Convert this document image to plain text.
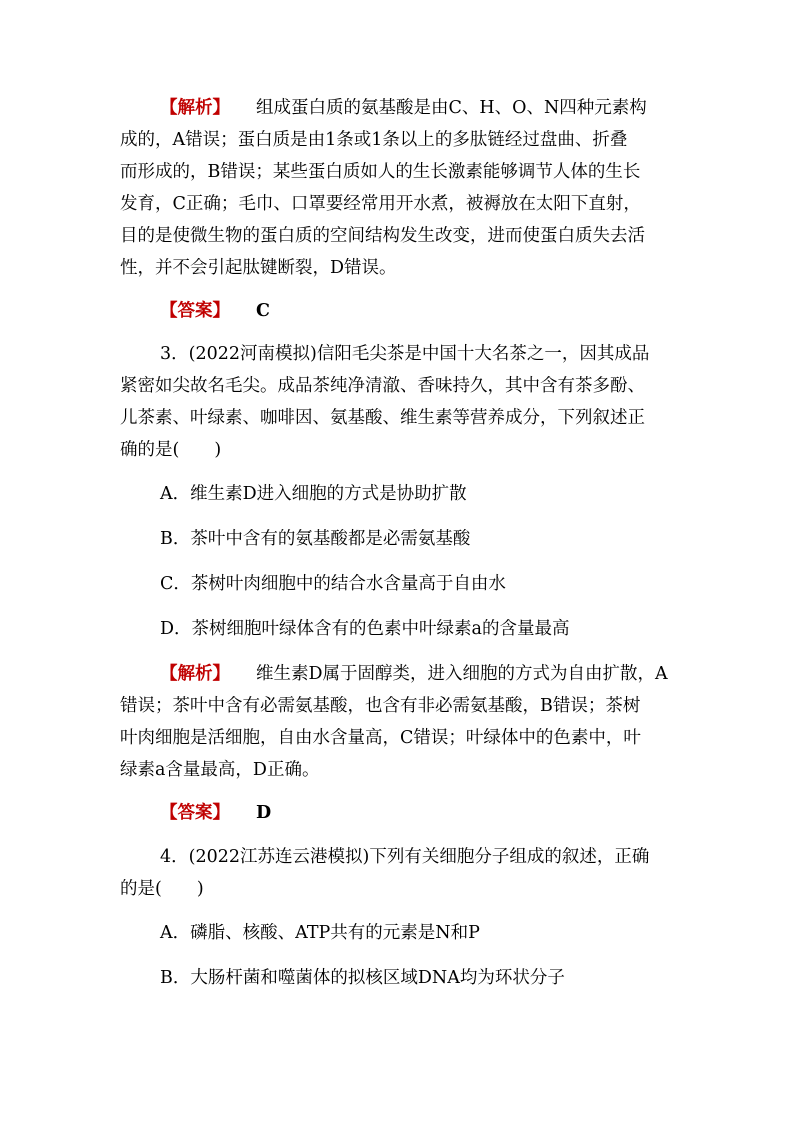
【解析】 组成蛋白质的氨基酸是由C、H、O、N四种元素构
成的，A错误；蛋白质是由1条或1条以上的多肽链经过盘曲、折叠
而形成的，B错误；某些蛋白质如人的生长激素能够调节人体的生长
发育，C正确；毛巾、口罩要经常用开水煮，被褥放在太阳下直射，
目的是使微生物的蛋白质的空间结构发生改变，进而使蛋白质失去活
性，并不会引起肽键断裂，D错误。
【答案】 C
3．(2022河南模拟)信阳毛尖茶是中国十大名茶之一，因其成品
紧密如尖故名毛尖。成品茶纯净清澈、香味持久，其中含有茶多酚、
儿茶素、叶绿素、咖啡因、氨基酸、维生素等营养成分，下列叙述正
确的是(　　)
A．维生素D进入细胞的方式是协助扩散
B．茶叶中含有的氨基酸都是必需氨基酸
C．茶树叶肉细胞中的结合水含量高于自由水
D．茶树细胞叶绿体含有的色素中叶绿素a的含量最高
【解析】 维生素D属于固醇类，进入细胞的方式为自由扩散，A
错误；茶叶中含有必需氨基酸，也含有非必需氨基酸，B错误；茶树
叶肉细胞是活细胞，自由水含量高，C错误；叶绿体中的色素中，叶
绿素a含量最高，D正确。
【答案】 D
4．(2022江苏连云港模拟)下列有关细胞分子组成的叙述，正确
的是(　　)
A．磷脂、核酸、ATP共有的元素是N和P
B．大肠杆菌和噬菌体的拟核区域DNA均为环状分子
